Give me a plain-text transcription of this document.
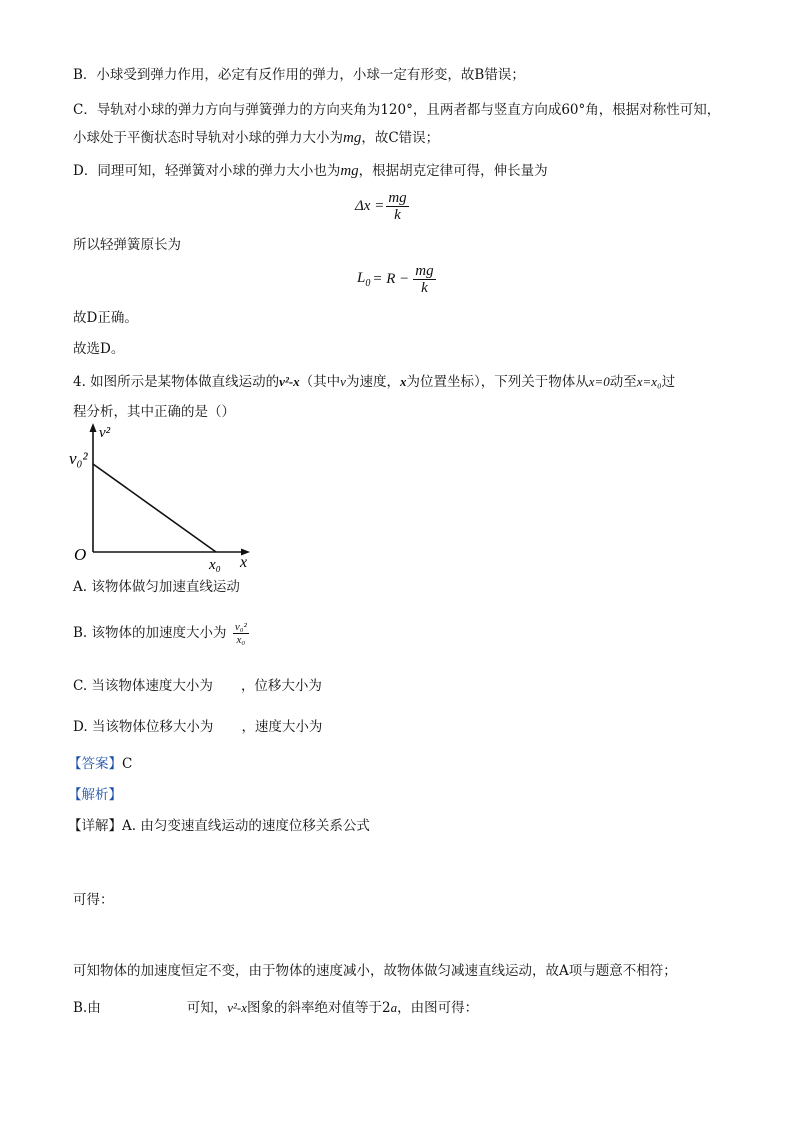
B．小球受到弹力作用，必定有反作用的弹力，小球一定有形变，故B错误；
C．导轨对小球的弹力方向与弹簧弹力的方向夹角为120°，且两者都与竖直方向成60°角，根据对称性可知，
小球处于平衡状态时导轨对小球的弹力大小为mg，故C错误；
D．同理可知，轻弹簧对小球的弹力大小也为mg，根据胡克定律可得，伸长量为
$\Delta x = \frac{mg}{k}$
所以轻弹簧原长为
$L_0 = R - \frac{mg}{k}$
故D正确。
故选D。
4. 如图所示是某物体做直线运动的v²-x（其中v为速度，x为位置坐标），下列关于物体从x=0动至x=x₀过
程分析，其中正确的是（）
v²
v₀²
O
x₀ x
A. 该物体做匀加速直线运动
B. 该物体的加速度大小为 $\frac{\text{v₀²}}{\text{x₀}}$
C. 当该物体速度大小为 ，位移大小为
D. 当该物体位移大小为 ，速度大小为
【答案】C
【解析】
【详解】A. 由匀变速直线运动的速度位移关系公式
可得：
可知物体的加速度恒定不变，由于物体的速度减小，故物体做匀减速直线运动，故A项与题意不相符；
B.由	可知，v²-x图象的斜率绝对值等于2a，由图可得：
